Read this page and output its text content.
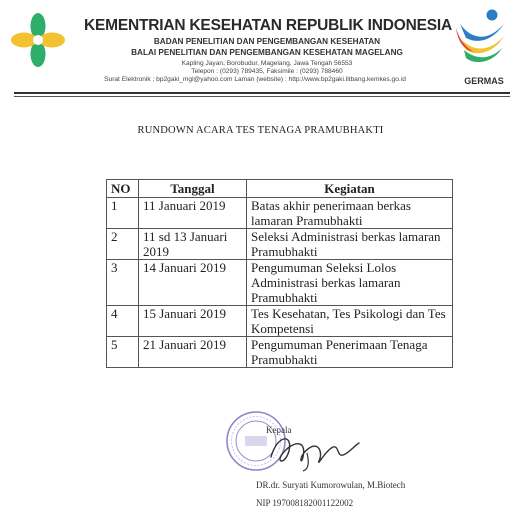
KEMENTRIAN KESEHATAN REPUBLIK INDONESIA
BADAN PENELITIAN DAN PENGEMBANGAN KESEHATAN
BALAI PENELITIAN DAN PENGEMBANGAN KESEHATAN MAGELANG
Kapling Jayan, Borobudur, Magelang, Jawa Tengah 56553
Telepon : (0293) 789435, Faksimile : (0293) 788460
Surat Elektronik ; bp2gaki_mgl@yahoo.com Laman (website) : http://www.bp2gaki.litbang.kemkes.go.id	GERMAS
RUNDOWN ACARA TES TENAGA PRAMUBHAKTI
NO	Tanggal	Kegiatan
1	11 Januari 2019	Batas akhir penerimaan berkas lamaran Pramubhakti
2	11 sd 13 Januari 2019	Seleksi Administrasi berkas lamaran Pramubhakti
3	14 Januari 2019	Pengumuman Seleksi Lolos Administrasi berkas lamaran Pramubhakti
4	15 Januari 2019	Tes Kesehatan, Tes Psikologi dan Tes Kompetensi
5	21 Januari 2019	Pengumuman Penerimaan Tenaga Pramubhakti
Kepala
DR.dr. Suryati Kumorowulan, M.Biotech
NIP 197008182001122002
